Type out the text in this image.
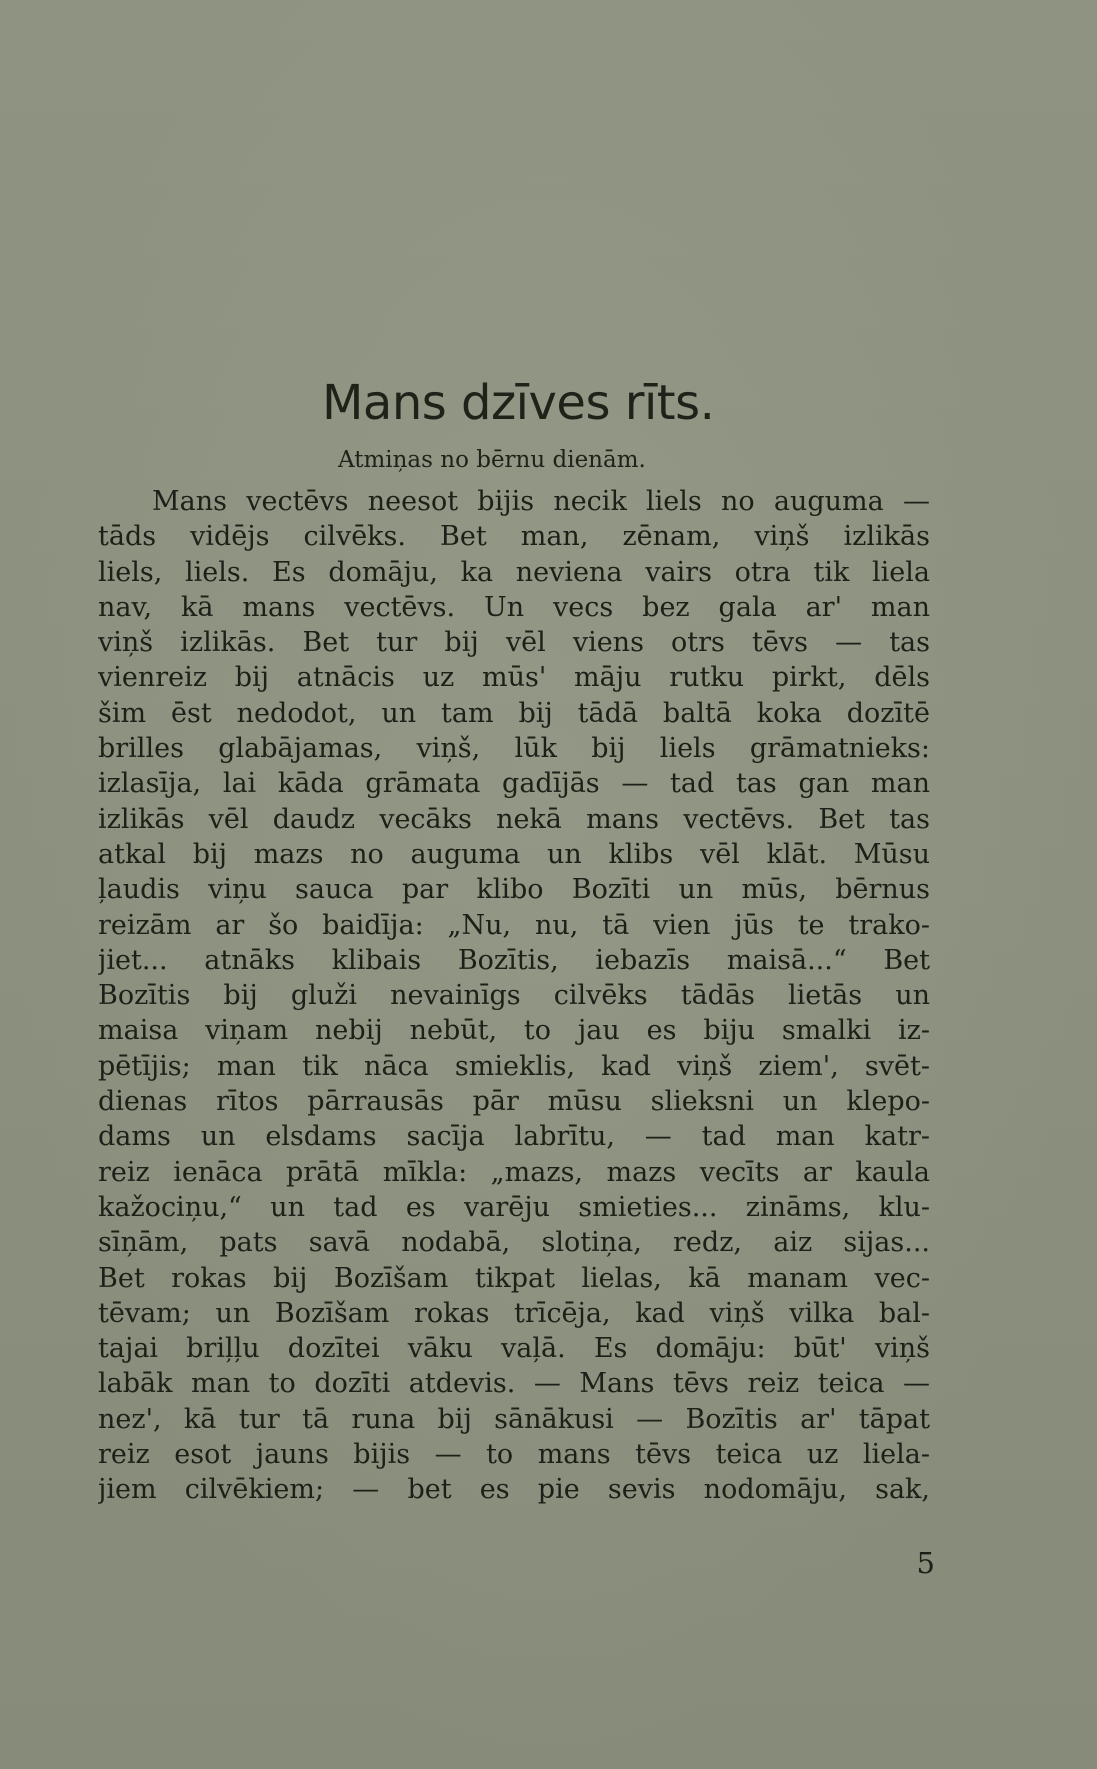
Mans dzīves rīts.

Atmiņas no bērnu dienām.

Mans vectēvs neesot bijis necik liels no auguma —
tāds vidējs cilvēks. Bet man, zēnam, viņš izlikās
liels, liels. Es domāju, ka neviena vairs otra tik liela
nav, kā mans vectēvs. Un vecs bez gala ar' man
viņš izlikās. Bet tur bij vēl viens otrs tēvs — tas
vienreiz bij atnācis uz mūs' māju rutku pirkt, dēls
šim ēst nedodot, un tam bij tādā baltā koka dozītē
brilles glabājamas, viņš, lūk bij liels grāmatnieks:
izlasīja, lai kāda grāmata gadījās — tad tas gan man
izlikās vēl daudz vecāks nekā mans vectēvs. Bet tas
atkal bij mazs no auguma un klibs vēl klāt. Mūsu
ļaudis viņu sauca par klibo Bozīti un mūs, bērnus
reizām ar šo baidīja: „Nu, nu, tā vien jūs te trako-
jiet... atnāks klibais Bozītis, iebazīs maisā...“ Bet
Bozītis bij gluži nevainīgs cilvēks tādās lietās un
maisa viņam nebij nebūt, to jau es biju smalki iz-
pētījis; man tik nāca smieklis, kad viņš ziem', svēt-
dienas rītos pārrausās pār mūsu slieksni un klepo-
dams un elsdams sacīja labrītu, — tad man katr-
reiz ienāca prātā mīkla: „mazs, mazs vecīts ar kaula
kažociņu,“ un tad es varēju smieties... zināms, klu-
sīņām, pats savā nodabā, slotiņa, redz, aiz sijas...
Bet rokas bij Bozīšam tikpat lielas, kā manam vec-
tēvam; un Bozīšam rokas trīcēja, kad viņš vilka bal-
tajai briļļu dozītei vāku vaļā. Es domāju: būt' viņš
labāk man to dozīti atdevis. — Mans tēvs reiz teica —
nez', kā tur tā runa bij sānākusi — Bozītis ar' tāpat
reiz esot jauns bijis — to mans tēvs teica uz liela-
jiem cilvēkiem; — bet es pie sevis nodomāju, sak,
5
